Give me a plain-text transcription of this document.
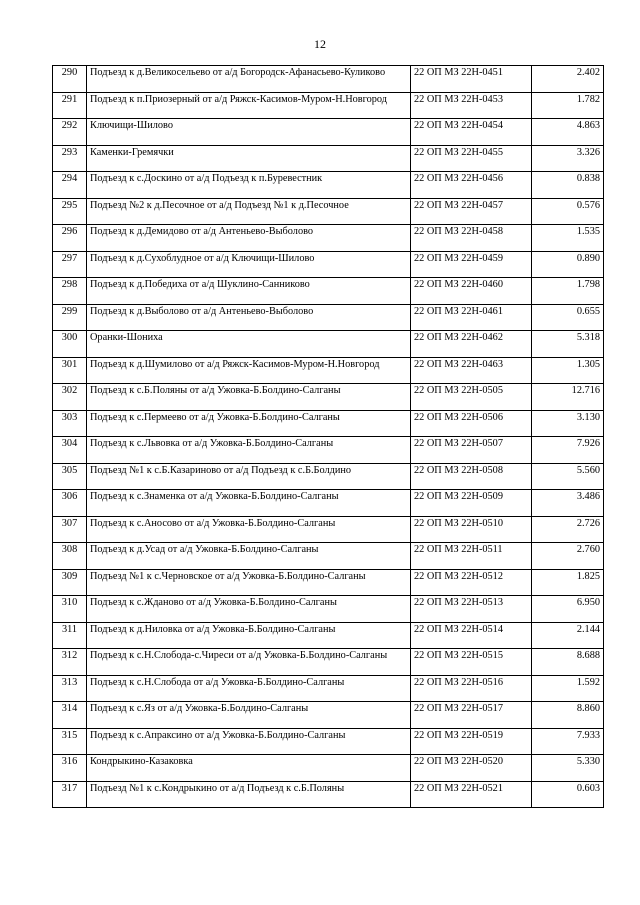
12
290	Подъезд к д.Великосельево от а/д Богородск-Афанасьево-Куликово	22 ОП МЗ 22Н-0451	2.402
291	Подъезд к п.Приозерный от а/д Ряжск-Касимов-Муром-Н.Новгород	22 ОП МЗ 22Н-0453	1.782
292	Ключищи-Шилово	22 ОП МЗ 22Н-0454	4.863
293	Каменки-Гремячки	22 ОП МЗ 22Н-0455	3.326
294	Подъезд к с.Доскино от а/д Подъезд к п.Буревестник	22 ОП МЗ 22Н-0456	0.838
295	Подъезд №2 к д.Песочное от а/д Подъезд №1 к д.Песочное	22 ОП МЗ 22Н-0457	0.576
296	Подъезд к д.Демидово от а/д Антеньево-Выболово	22 ОП МЗ 22Н-0458	1.535
297	Подъезд к д.Сухоблудное от а/д Ключищи-Шилово	22 ОП МЗ 22Н-0459	0.890
298	Подъезд к д.Победиха от а/д Шуклино-Санниково	22 ОП МЗ 22Н-0460	1.798
299	Подъезд к д.Выболово от а/д Антеньево-Выболово	22 ОП МЗ 22Н-0461	0.655
300	Оранки-Шониха	22 ОП МЗ 22Н-0462	5.318
301	Подъезд к д.Шумилово от а/д Ряжск-Касимов-Муром-Н.Новгород	22 ОП МЗ 22Н-0463	1.305
302	Подъезд к с.Б.Поляны от а/д Ужовка-Б.Болдино-Салганы	22 ОП МЗ 22Н-0505	12.716
303	Подъезд к с.Пермеево от а/д Ужовка-Б.Болдино-Салганы	22 ОП МЗ 22Н-0506	3.130
304	Подъезд к с.Львовка от а/д Ужовка-Б.Болдино-Салганы	22 ОП МЗ 22Н-0507	7.926
305	Подъезд №1 к с.Б.Казариново от а/д Подъезд к с.Б.Болдино	22 ОП МЗ 22Н-0508	5.560
306	Подъезд к с.Знаменка от а/д Ужовка-Б.Болдино-Салганы	22 ОП МЗ 22Н-0509	3.486
307	Подъезд к с.Аносово от а/д Ужовка-Б.Болдино-Салганы	22 ОП МЗ 22Н-0510	2.726
308	Подъезд к д.Усад от а/д Ужовка-Б.Болдино-Салганы	22 ОП МЗ 22Н-0511	2.760
309	Подъезд №1 к с.Черновское от а/д Ужовка-Б.Болдино-Салганы	22 ОП МЗ 22Н-0512	1.825
310	Подъезд к с.Жданово от а/д Ужовка-Б.Болдино-Салганы	22 ОП МЗ 22Н-0513	6.950
311	Подъезд к д.Ниловка от а/д Ужовка-Б.Болдино-Салганы	22 ОП МЗ 22Н-0514	2.144
312	Подъезд к с.Н.Слобода-с.Чиреси от а/д Ужовка-Б.Болдино-Салганы	22 ОП МЗ 22Н-0515	8.688
313	Подъезд к с.Н.Слобода от а/д Ужовка-Б.Болдино-Салганы	22 ОП МЗ 22Н-0516	1.592
314	Подъезд к с.Яз от а/д Ужовка-Б.Болдино-Салганы	22 ОП МЗ 22Н-0517	8.860
315	Подъезд к с.Апраксино от а/д Ужовка-Б.Болдино-Салганы	22 ОП МЗ 22Н-0519	7.933
316	Кондрыкино-Казаковка	22 ОП МЗ 22Н-0520	5.330
317	Подъезд №1 к с.Кондрыкино от а/д Подъезд к с.Б.Поляны	22 ОП МЗ 22Н-0521	0.603
